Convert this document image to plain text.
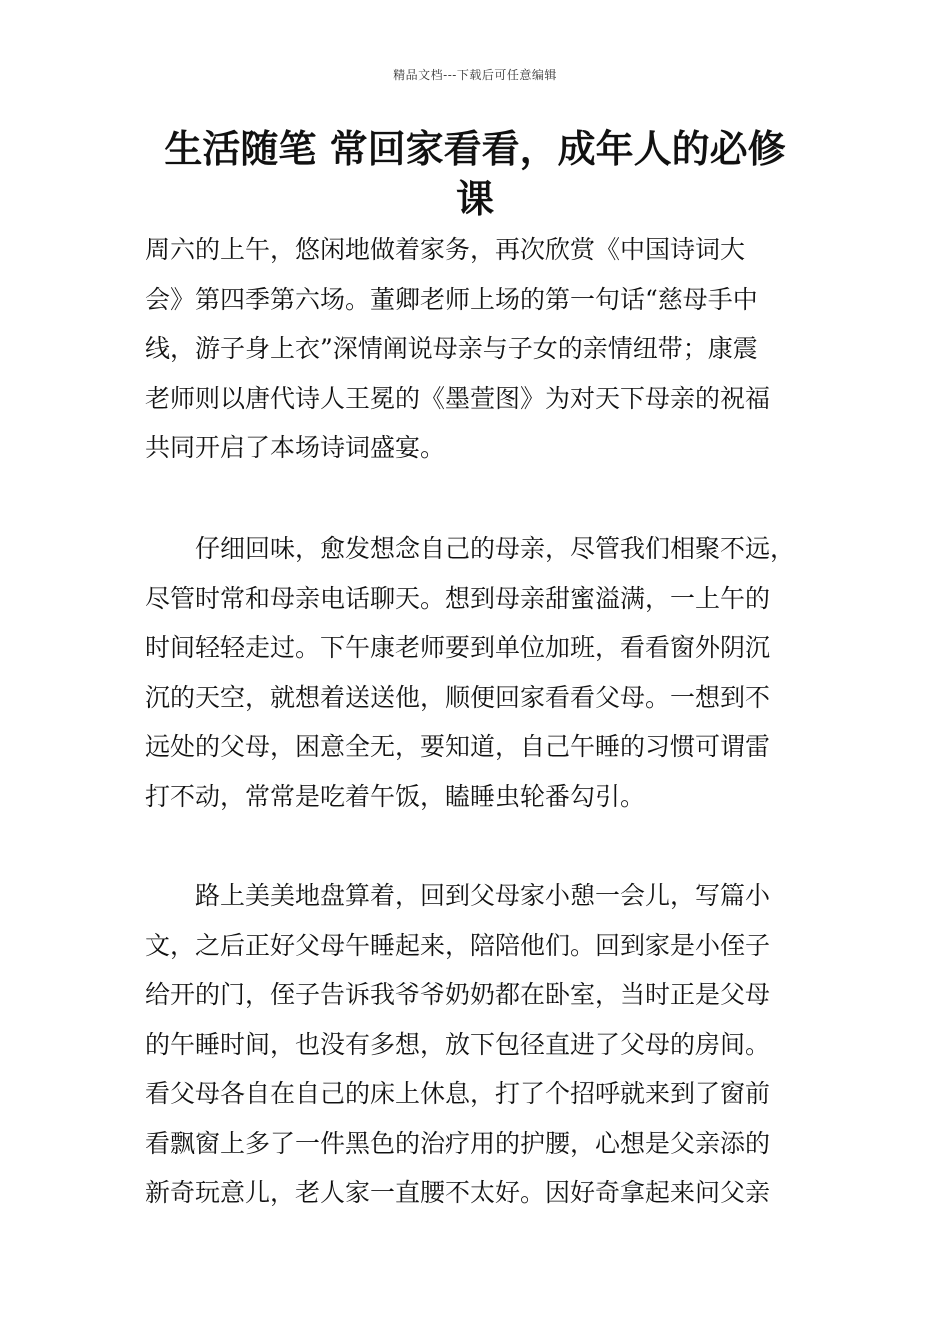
精品文档---下载后可任意编辑
生活随笔 常回家看看，成年人的必修
课

周六的上午，悠闲地做着家务，再次欣赏《中国诗词大
会》第四季第六场。董卿老师上场的第一句话“慈母手中
线，游子身上衣”深情阐说母亲与子女的亲情纽带；康震
老师则以唐代诗人王冕的《墨萱图》为对天下母亲的祝福
共同开启了本场诗词盛宴。

　　仔细回味，愈发想念自己的母亲，尽管我们相聚不远，
尽管时常和母亲电话聊天。想到母亲甜蜜溢满，一上午的
时间轻轻走过。下午康老师要到单位加班，看看窗外阴沉
沉的天空，就想着送送他，顺便回家看看父母。一想到不
远处的父母，困意全无，要知道，自己午睡的习惯可谓雷
打不动，常常是吃着午饭，瞌睡虫轮番勾引。

　　路上美美地盘算着，回到父母家小憩一会儿，写篇小
文，之后正好父母午睡起来，陪陪他们。回到家是小侄子
给开的门，侄子告诉我爷爷奶奶都在卧室，当时正是父母
的午睡时间，也没有多想，放下包径直进了父母的房间。
看父母各自在自己的床上休息，打了个招呼就来到了窗前
看飘窗上多了一件黑色的治疗用的护腰，心想是父亲添的
新奇玩意儿，老人家一直腰不太好。因好奇拿起来问父亲
